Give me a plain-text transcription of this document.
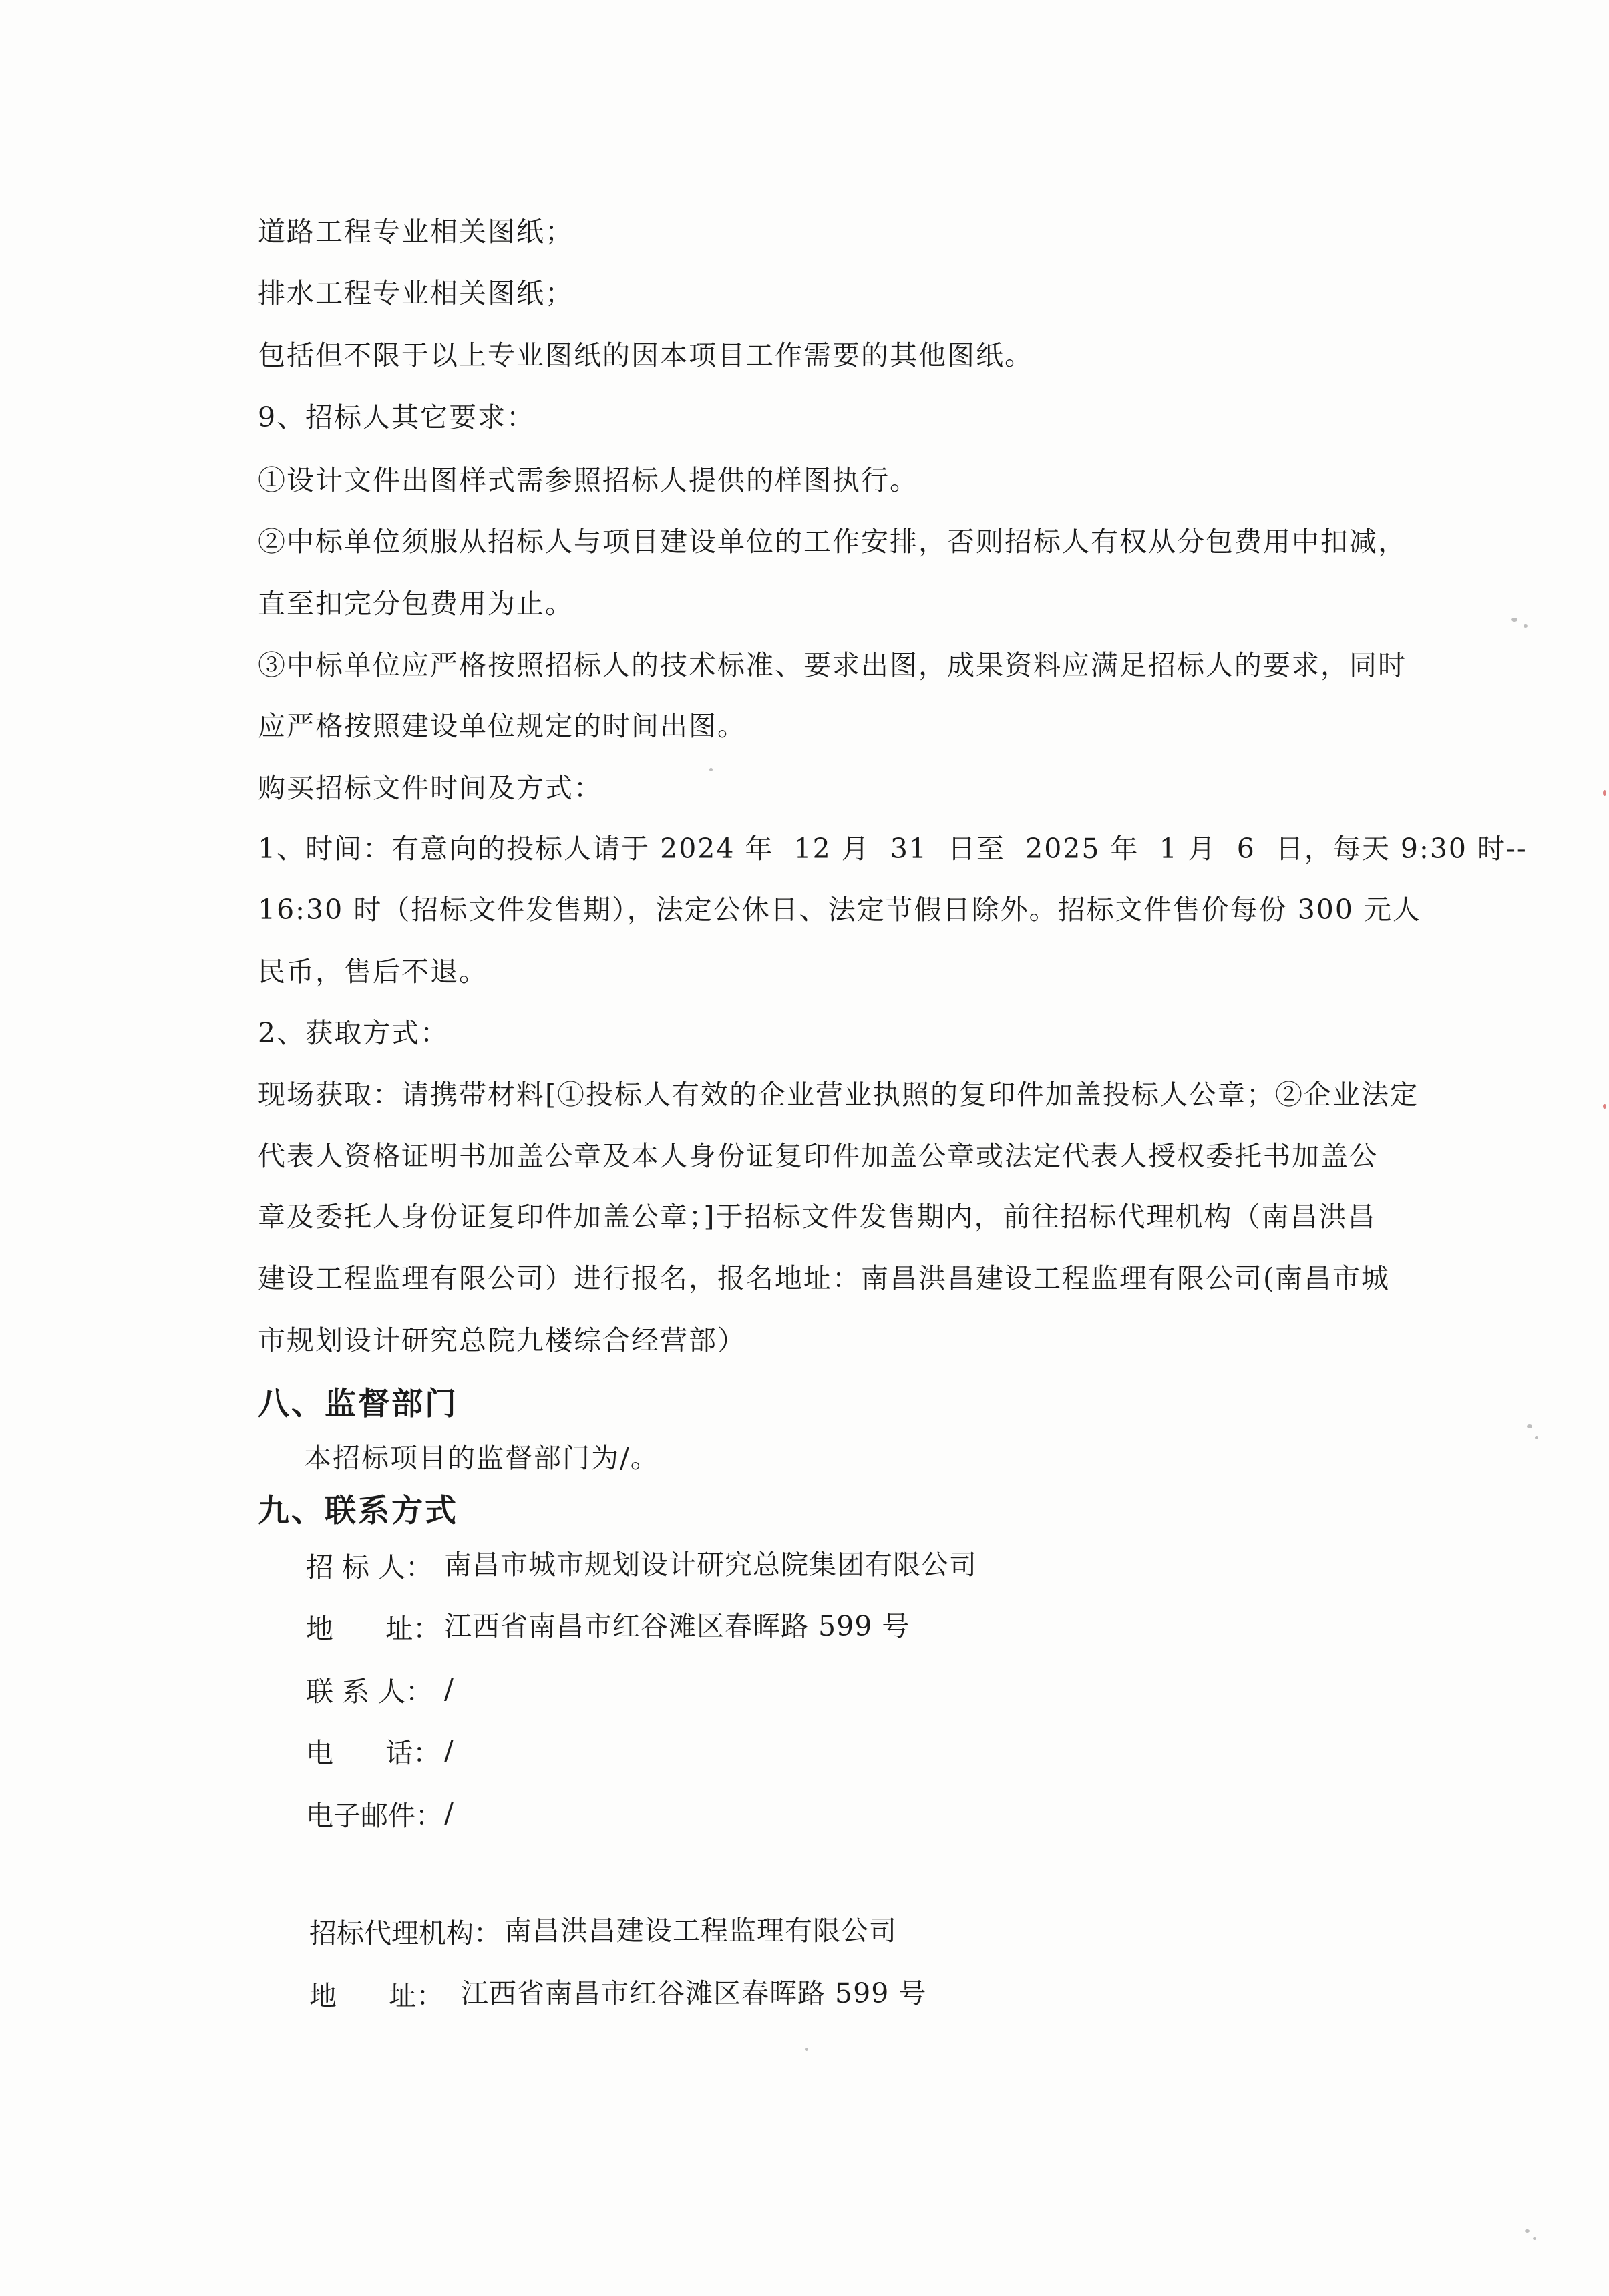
道路工程专业相关图纸；

排水工程专业相关图纸；

包括但不限于以上专业图纸的因本项目工作需要的其他图纸。

9、招标人其它要求：

①设计文件出图样式需参照招标人提供的样图执行。

②中标单位须服从招标人与项目建设单位的工作安排，否则招标人有权从分包费用中扣减，

直至扣完分包费用为止。

③中标单位应严格按照招标人的技术标准、要求出图，成果资料应满足招标人的要求，同时

应严格按照建设单位规定的时间出图。

购买招标文件时间及方式：

1、时间：有意向的投标人请于 2024 年  12 月  31  日至  2025 年  1 月  6  日，每天 9:30 时--

16:30 时（招标文件发售期），法定公休日、法定节假日除外。招标文件售价每份 300 元人

民币，售后不退。

2、获取方式：

现场获取：请携带材料[①投标人有效的企业营业执照的复印件加盖投标人公章；②企业法定

代表人资格证明书加盖公章及本人身份证复印件加盖公章或法定代表人授权委托书加盖公

章及委托人身份证复印件加盖公章；]于招标文件发售期内，前往招标代理机构（南昌洪昌

建设工程监理有限公司）进行报名，报名地址：南昌洪昌建设工程监理有限公司(南昌市城

市规划设计研究总院九楼综合经营部）

八、监督部门

本招标项目的监督部门为/。

九、联系方式
招 标 人： 南昌市城市规划设计研究总院集团有限公司
地      址： 江西省南昌市红谷滩区春晖路 599 号
联 系 人： /
电      话： /
电子邮件： /
招标代理机构： 南昌洪昌建设工程监理有限公司
地      址： 江西省南昌市红谷滩区春晖路 599 号
